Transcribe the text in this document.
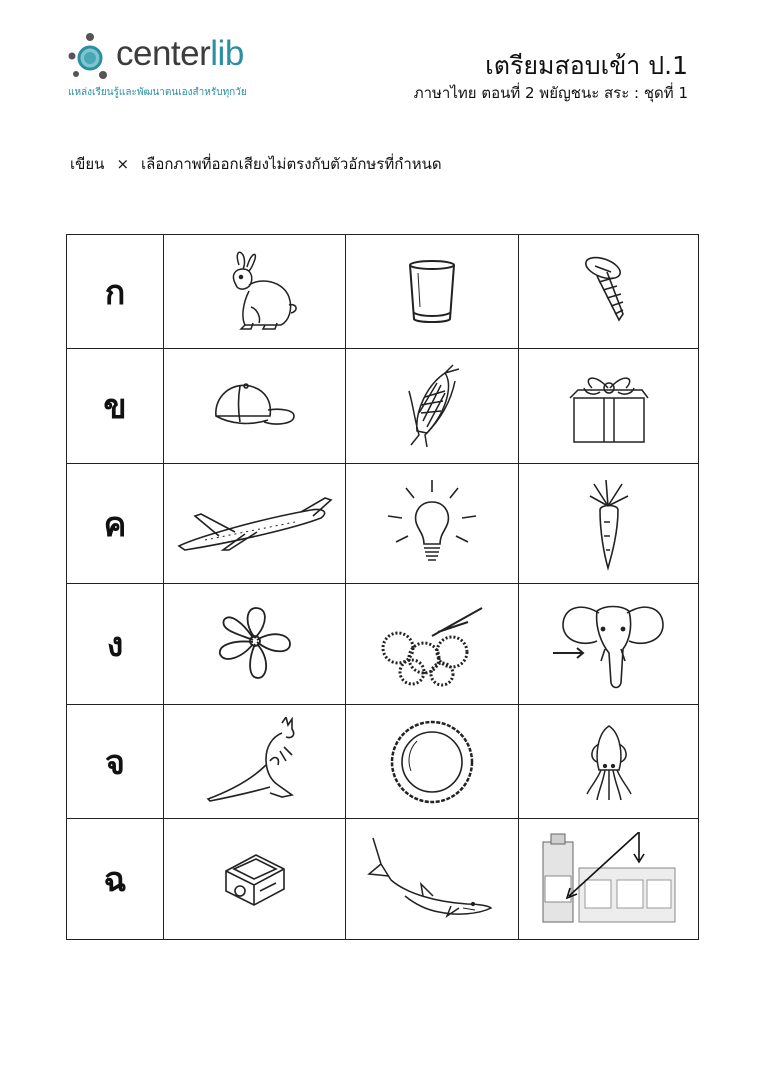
centerlib
แหล่งเรียนรู้และพัฒนาตนเองสำหรับทุกวัย
เตรียมสอบเข้า ป.1
ภาษาไทย ตอนที่ 2 พยัญชนะ สระ : ชุดที่ 1
เขียน × เลือกภาพที่ออกเสียงไม่ตรงกับตัวอักษรที่กำหนด
ก	

ข	

ค	

ง	

จ	

ฉ	
